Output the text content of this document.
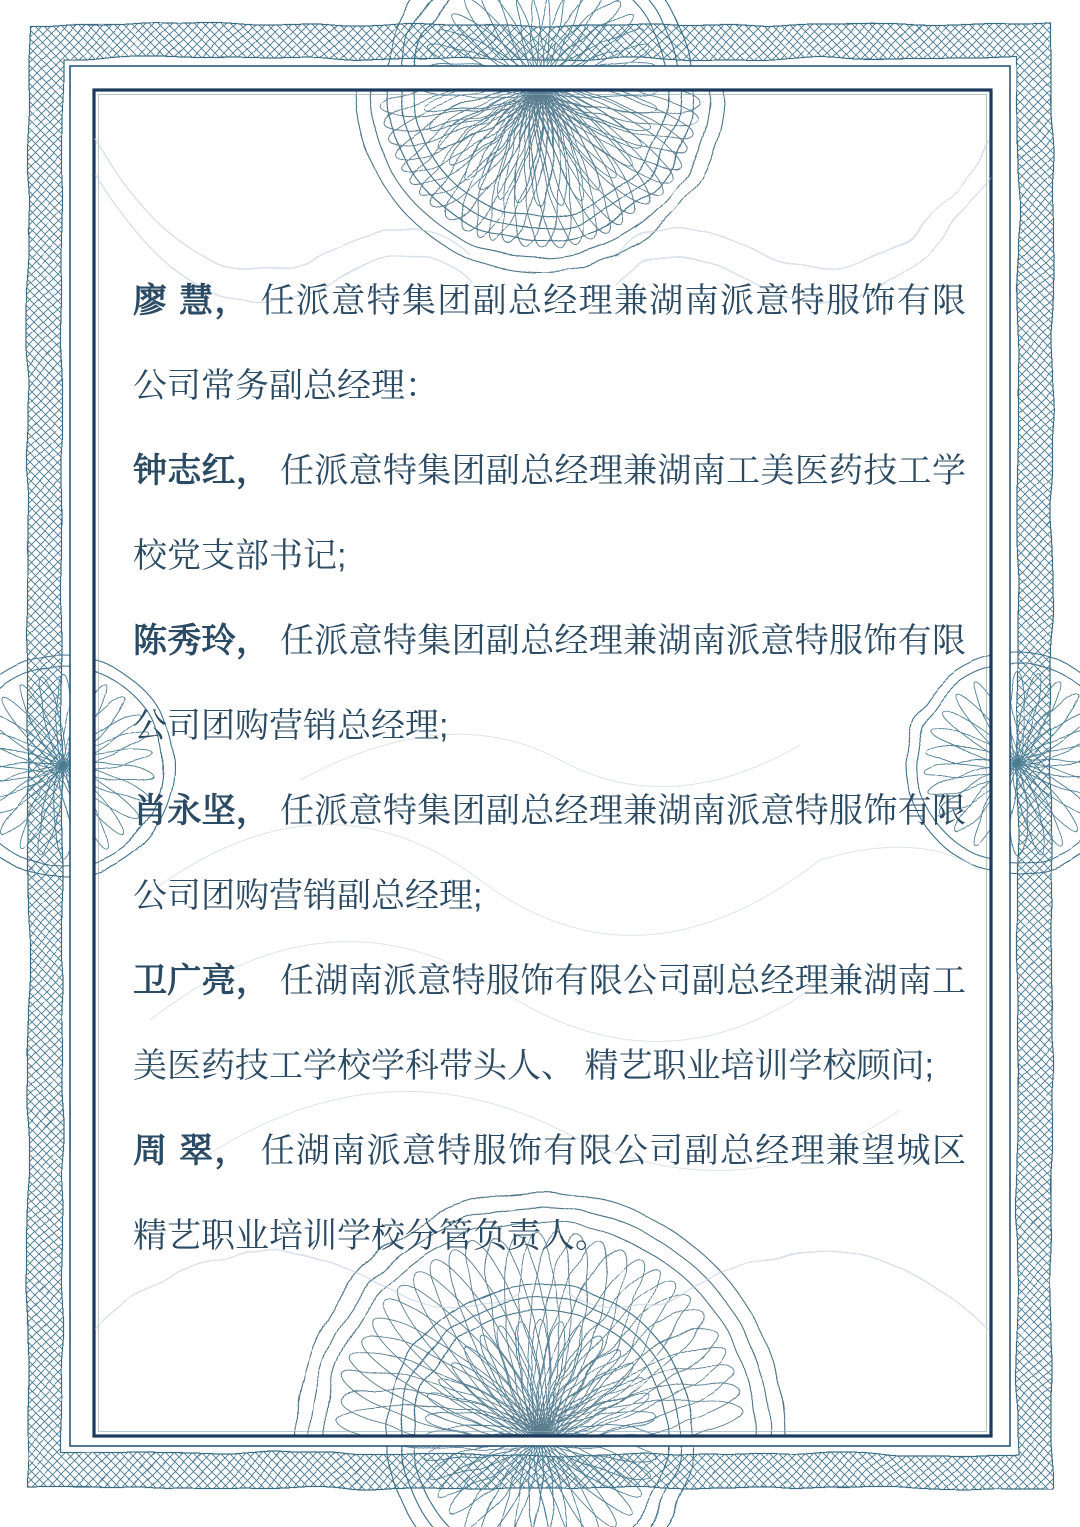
廖 慧， 任派意特集团副总经理兼湖南派意特服饰有限公司常务副总经理：

钟志红， 任派意特集团副总经理兼湖南工美医药技工学校党支部书记;

陈秀玲， 任派意特集团副总经理兼湖南派意特服饰有限公司团购营销总经理;

肖永坚， 任派意特集团副总经理兼湖南派意特服饰有限公司团购营销副总经理;

卫广亮， 任湖南派意特服饰有限公司副总经理兼湖南工美医药技工学校学科带头人、 精艺职业培训学校顾问;

周 翠， 任湖南派意特服饰有限公司副总经理兼望城区精艺职业培训学校分管负责人。
